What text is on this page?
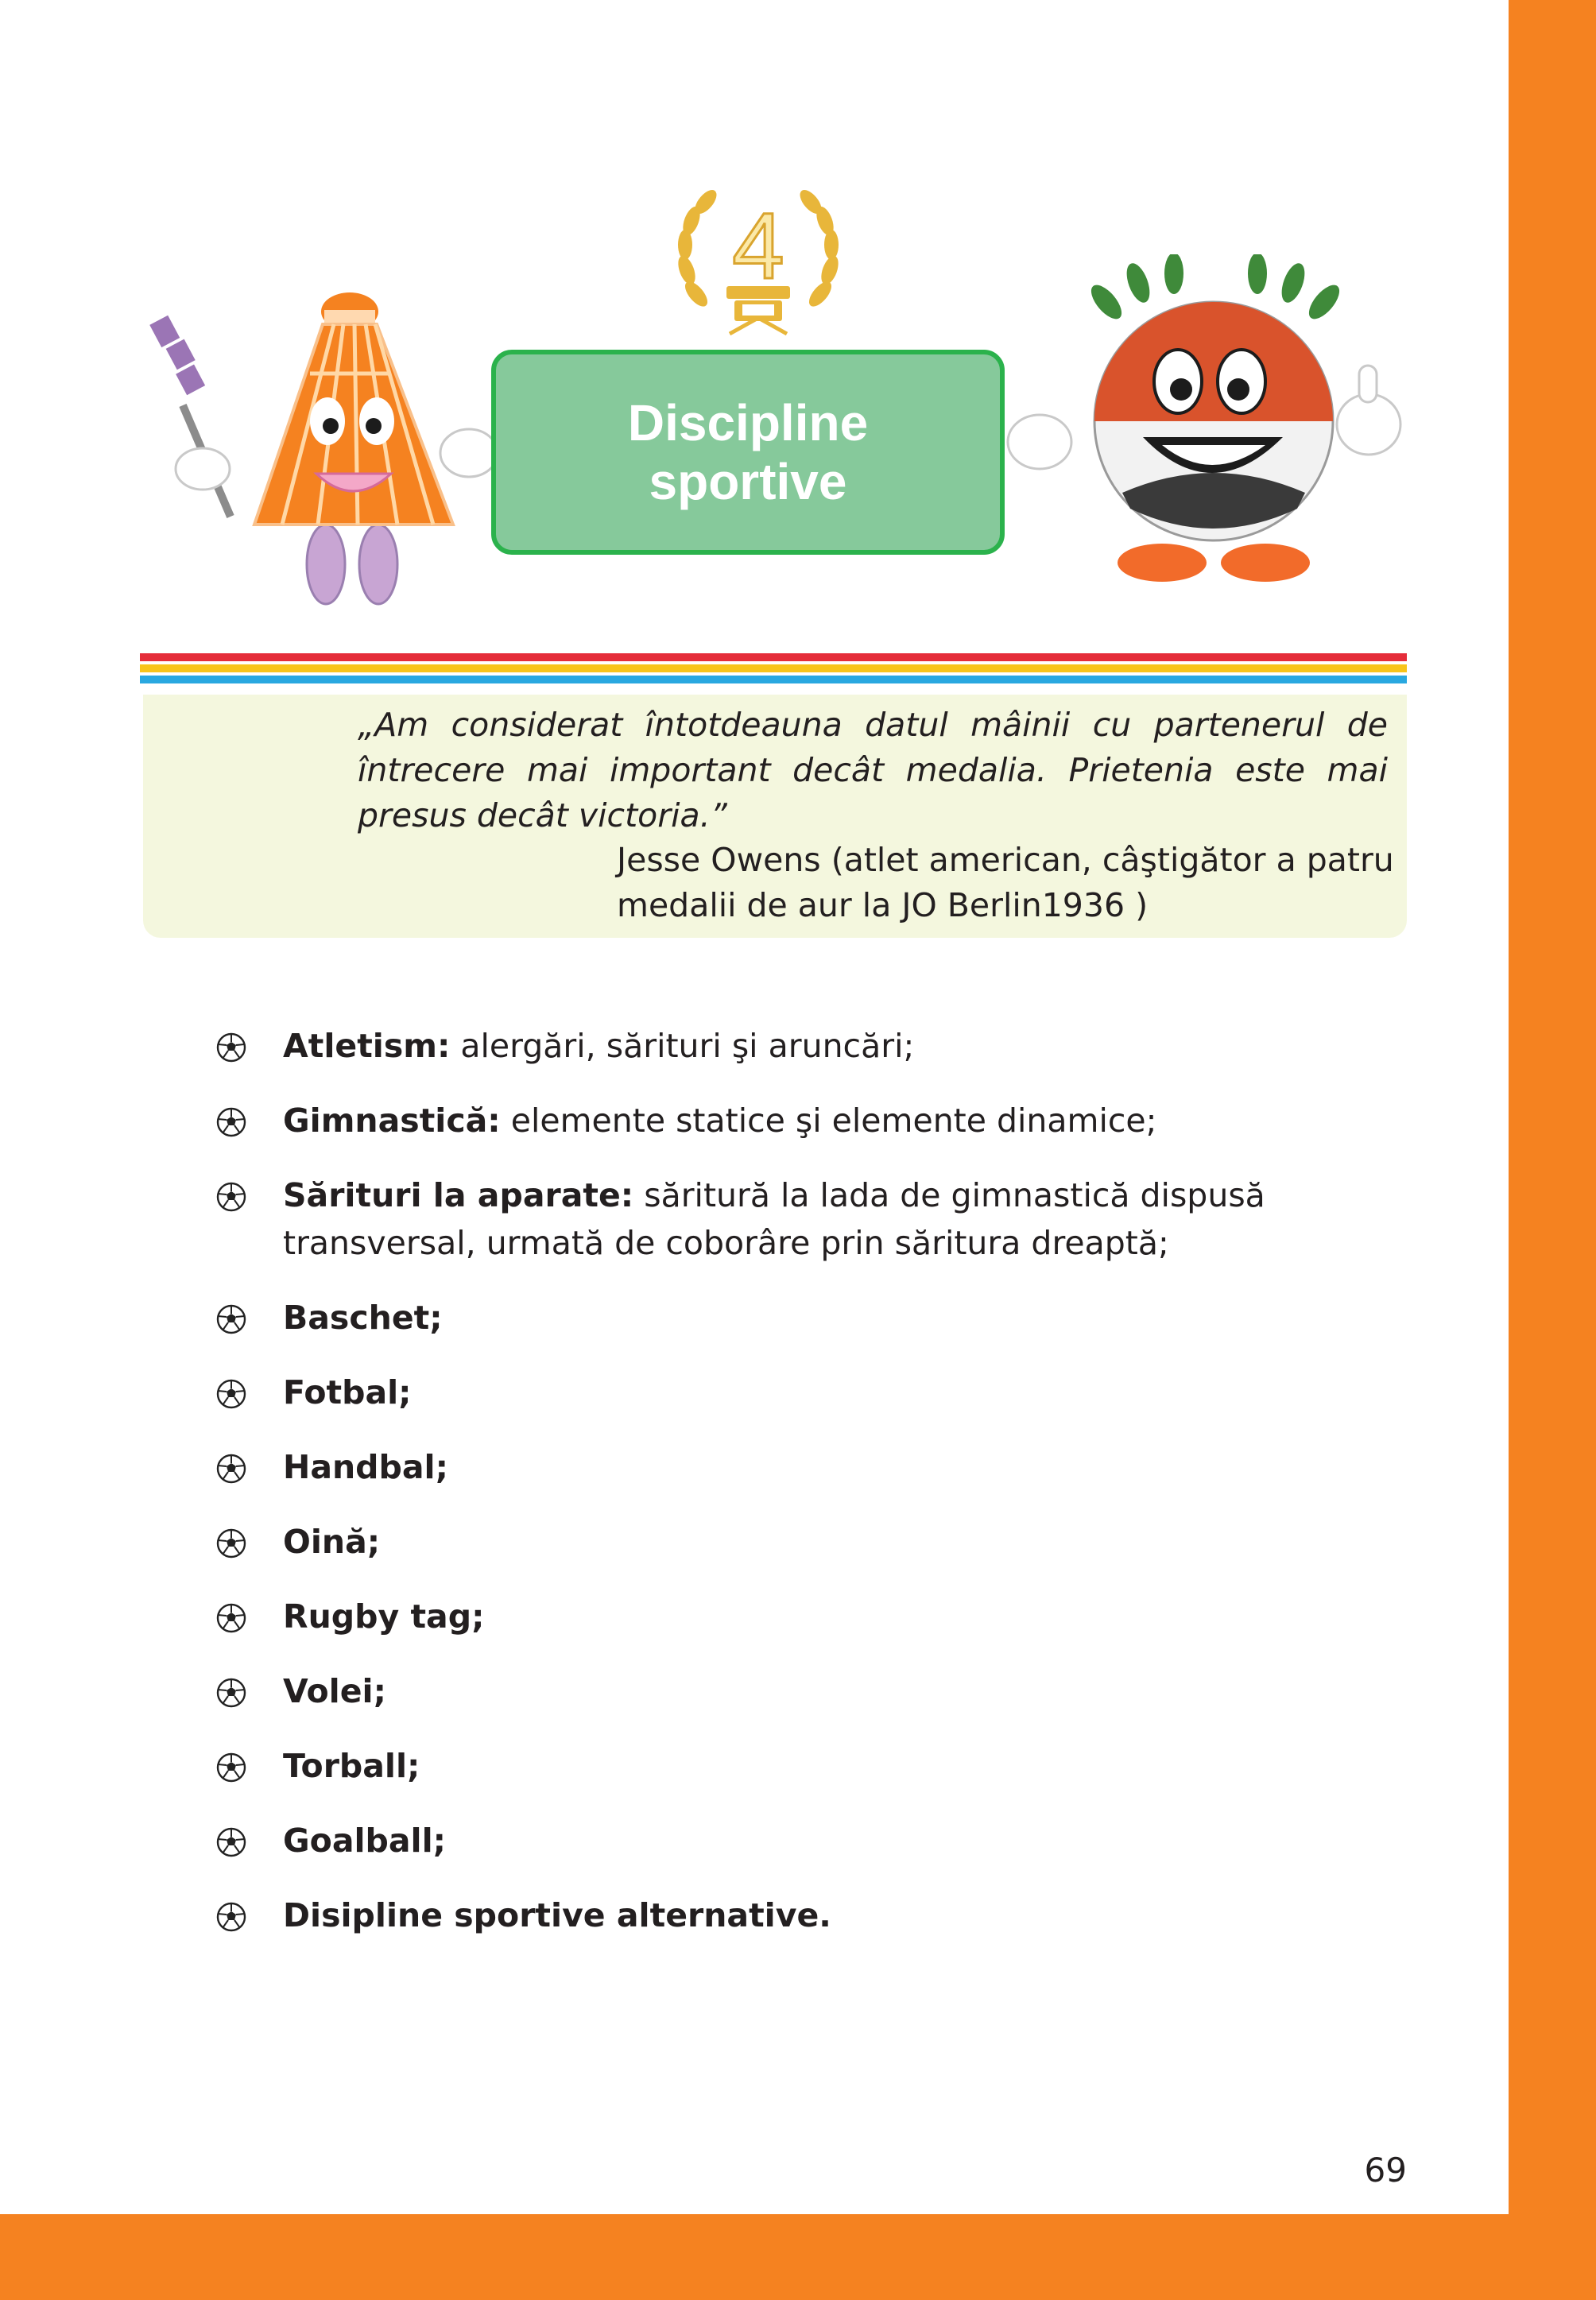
4
Discipline
sportive
„Am considerat întotdeauna datul mâinii cu partenerul de întrecere mai important decât medalia. Prietenia este mai presus decât victoria.”
Jesse Owens (atlet american, câştigător a patru
medalii de aur la JO Berlin1936 )
Atletism: alergări, sărituri şi aruncări;
Gimnastică: elemente statice şi elemente dinamice;
Sărituri la aparate: săritură la lada de gimnastică dispusă transversal, urmată de coborâre prin săritura dreaptă;
Baschet;
Fotbal;
Handbal;
Oină;
Rugby tag;
Volei;
Torball;
Goalball;
Disipline sportive alternative.
69
